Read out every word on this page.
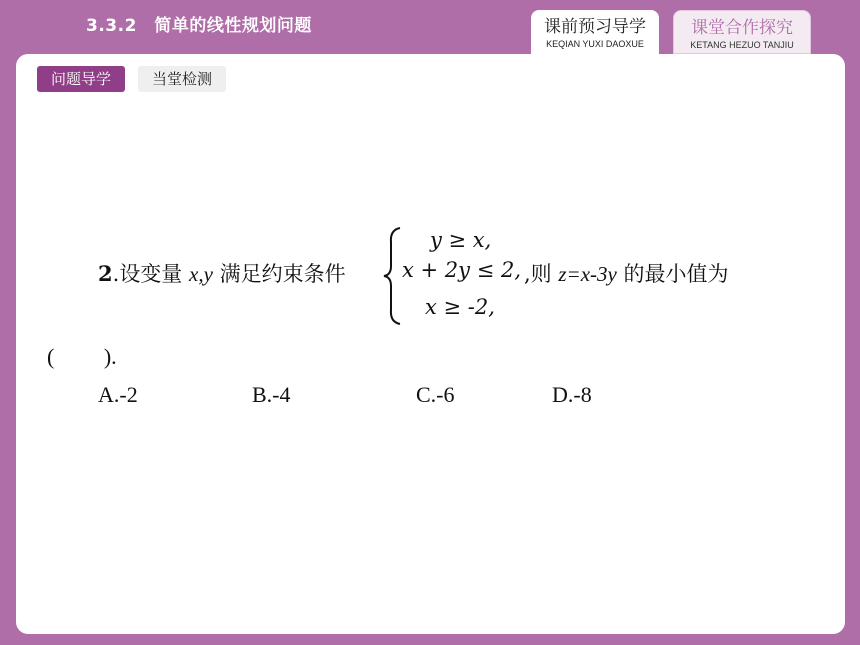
3.3.2　简单的线性规划问题	课前预习导学
KEQIAN YUXI DAOXUE
课堂合作探究
KETANG HEZUO TANJIU
问题导学	当堂检测
2.设变量 x,y 满足约束条件
y ≥ x,
x + 2y ≤ 2,
x ≥ -2,
,则 z=x-3y 的最小值为
(         ).
A.-2	B.-4	C.-6	D.-8
